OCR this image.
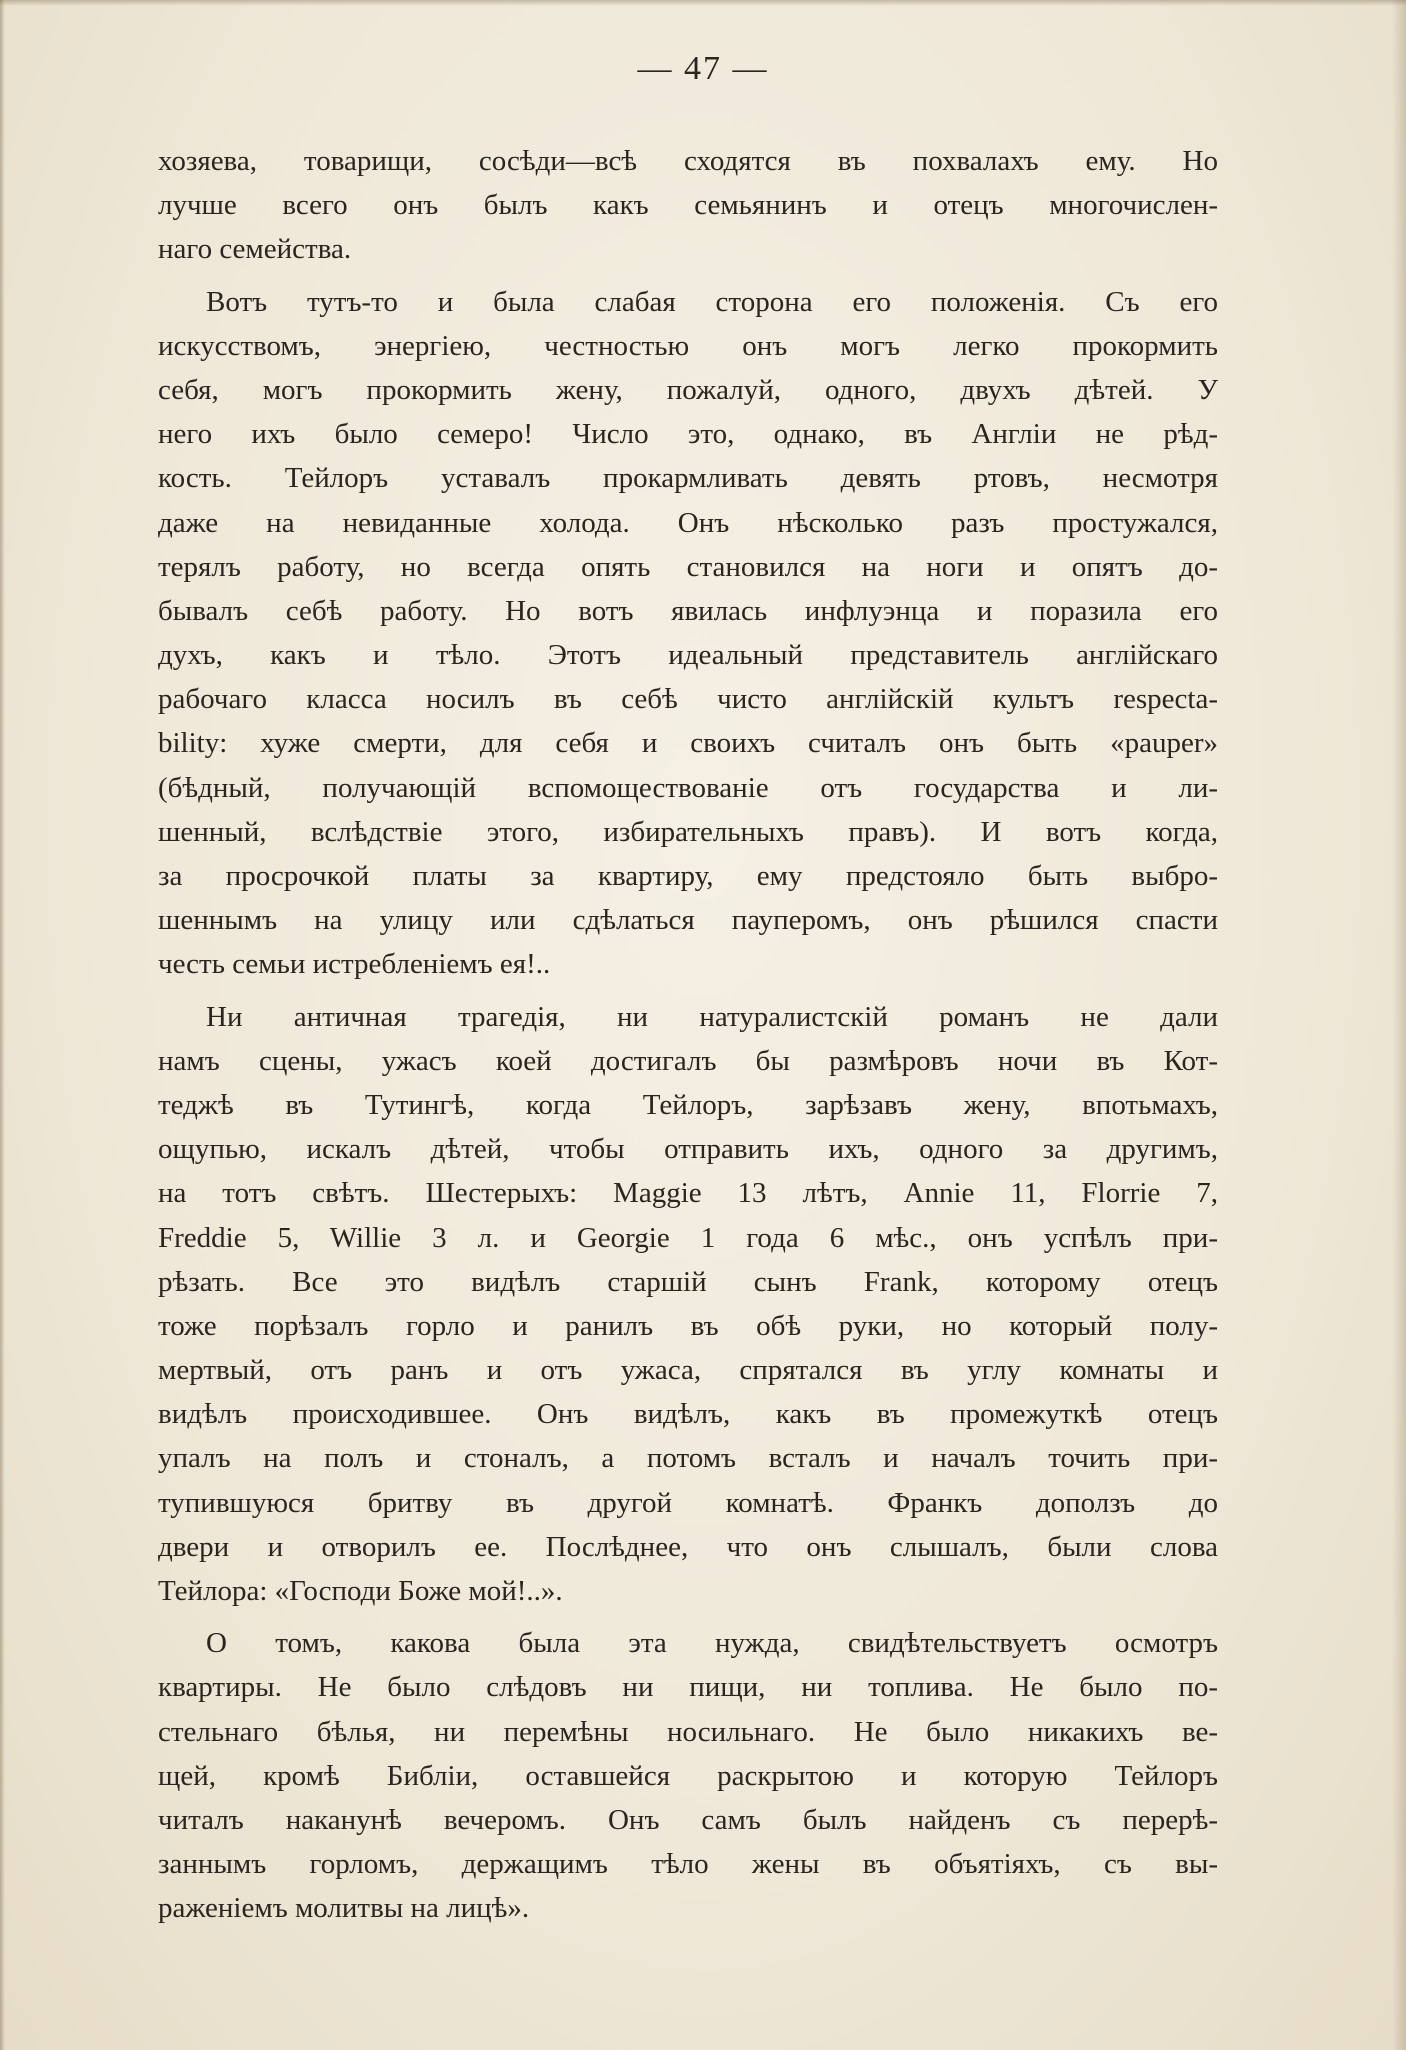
— 47 —
хозяева, товарищи, сосѣди—всѣ сходятся въ похвалахъ ему. Но
лучше всего онъ былъ какъ семьянинъ и отецъ многочислен-
наго семейства.
Вотъ тутъ-то и была слабая сторона его положенія. Съ его
искусствомъ, энергіею, честностью онъ могъ легко прокормить
себя, могъ прокормить жену, пожалуй, одного, двухъ дѣтей. У
него ихъ было семеро! Число это, однако, въ Англіи не рѣд-
кость. Тейлоръ уставалъ прокармливать девять ртовъ, несмотря
даже на невиданные холода. Онъ нѣсколько разъ простужался,
терялъ работу, но всегда опять становился на ноги и опятъ до-
бывалъ себѣ работу. Но вотъ явилась инфлуэнца и поразила его
духъ, какъ и тѣло. Этотъ идеальный представитель англійскаго
рабочаго класса носилъ въ себѣ чисто англійскій культъ respecta-
bility: хуже смерти, для себя и своихъ считалъ онъ быть «pauper»
(бѣдный, получающій вспомоществованіе отъ государства и ли-
шенный, вслѣдствіе этого, избирательныхъ правъ). И вотъ когда,
за просрочкой платы за квартиру, ему предстояло быть выбро-
шеннымъ на улицу или сдѣлаться пауперомъ, онъ рѣшился спасти
честь семьи истребленіемъ ея!..
Ни античная трагедія, ни натуралистскій романъ не дали
намъ сцены, ужасъ коей достигалъ бы размѣровъ ночи въ Кот-
теджѣ въ Тутингѣ, когда Тейлоръ, зарѣзавъ жену, впотьмахъ,
ощупью, искалъ дѣтей, чтобы отправить ихъ, одного за другимъ,
на тотъ свѣтъ. Шестерыхъ: Maggie 13 лѣтъ, Annie 11, Florrie 7,
Freddie 5, Willie 3 л. и Georgie 1 года 6 мѣс., онъ успѣлъ при-
рѣзать. Все это видѣлъ старшій сынъ Frank, которому отецъ
тоже порѣзалъ горло и ранилъ въ обѣ руки, но который полу-
мертвый, отъ ранъ и отъ ужаса, спрятался въ углу комнаты и
видѣлъ происходившее. Онъ видѣлъ, какъ въ промежуткѣ отецъ
упалъ на полъ и стоналъ, а потомъ всталъ и началъ точить при-
тупившуюся бритву въ другой комнатѣ. Франкъ доползъ до
двери и отворилъ ее. Послѣднее, что онъ слышалъ, были слова
Тейлора: «Господи Боже мой!..».
О томъ, какова была эта нужда, свидѣтельствуетъ осмотръ
квартиры. Не было слѣдовъ ни пищи, ни топлива. Не было по-
стельнаго бѣлья, ни перемѣны носильнаго. Не было никакихъ ве-
щей, кромѣ Библіи, оставшейся раскрытою и которую Тейлоръ
читалъ наканунѣ вечеромъ. Онъ самъ былъ найденъ съ перерѣ-
заннымъ горломъ, держащимъ тѣло жены въ объятіяхъ, съ вы-
раженіемъ молитвы на лицѣ».
